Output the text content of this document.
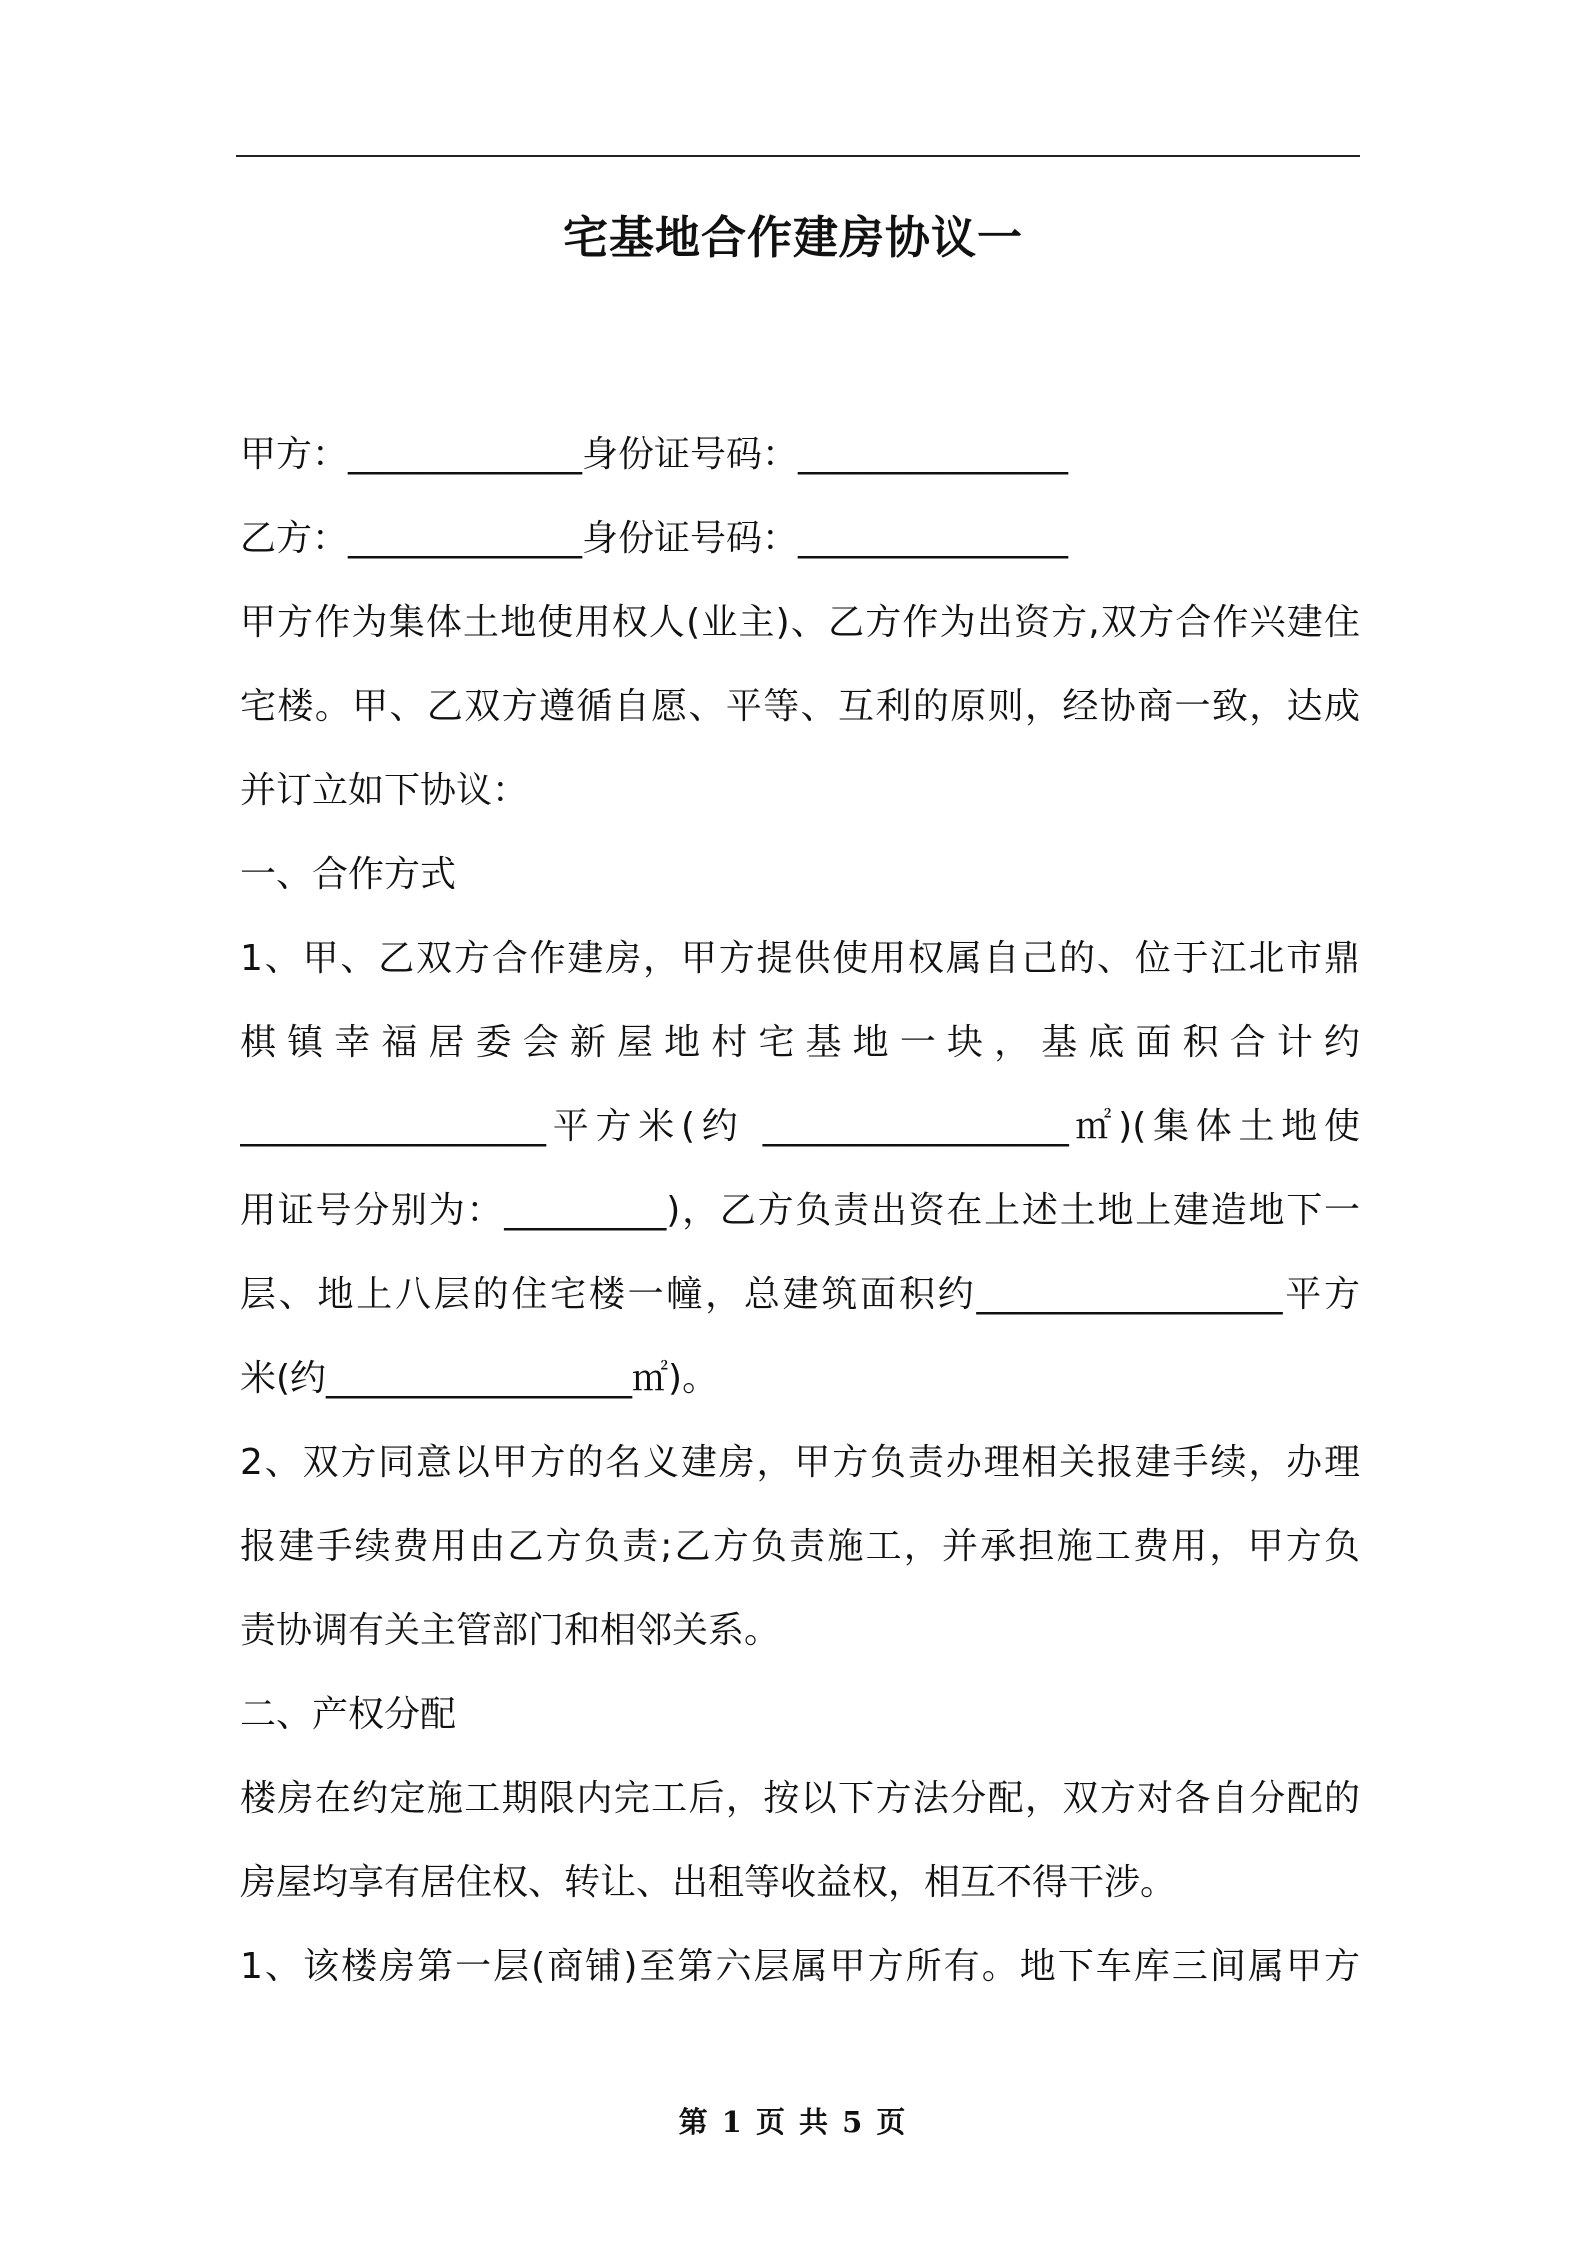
宅基地合作建房协议一
甲方：_____________身份证号码：_______________
乙方：_____________身份证号码：_______________
甲方作为集体土地使用权人(业主)、乙方作为出资方,双方合作兴建住
宅楼。甲、乙双方遵循自愿、平等、互利的原则，经协商一致，达成
并订立如下协议：
一、合作方式
1、甲、乙双方合作建房，甲方提供使用权属自己的、位于江北市鼎
棋镇幸福居委会新屋地村宅基地一块，基底面积合计约
_________________平方米(约 _________________㎡)(集体土地使
用证号分别为：_________)，乙方负责出资在上述土地上建造地下一
层、地上八层的住宅楼一幢，总建筑面积约_________________平方
米(约_________________㎡)。
2、双方同意以甲方的名义建房，甲方负责办理相关报建手续，办理
报建手续费用由乙方负责;乙方负责施工，并承担施工费用，甲方负
责协调有关主管部门和相邻关系。
二、产权分配
楼房在约定施工期限内完工后，按以下方法分配，双方对各自分配的
房屋均享有居住权、转让、出租等收益权，相互不得干涉。
1、该楼房第一层(商铺)至第六层属甲方所有。地下车库三间属甲方
第 1 页 共 5 页
